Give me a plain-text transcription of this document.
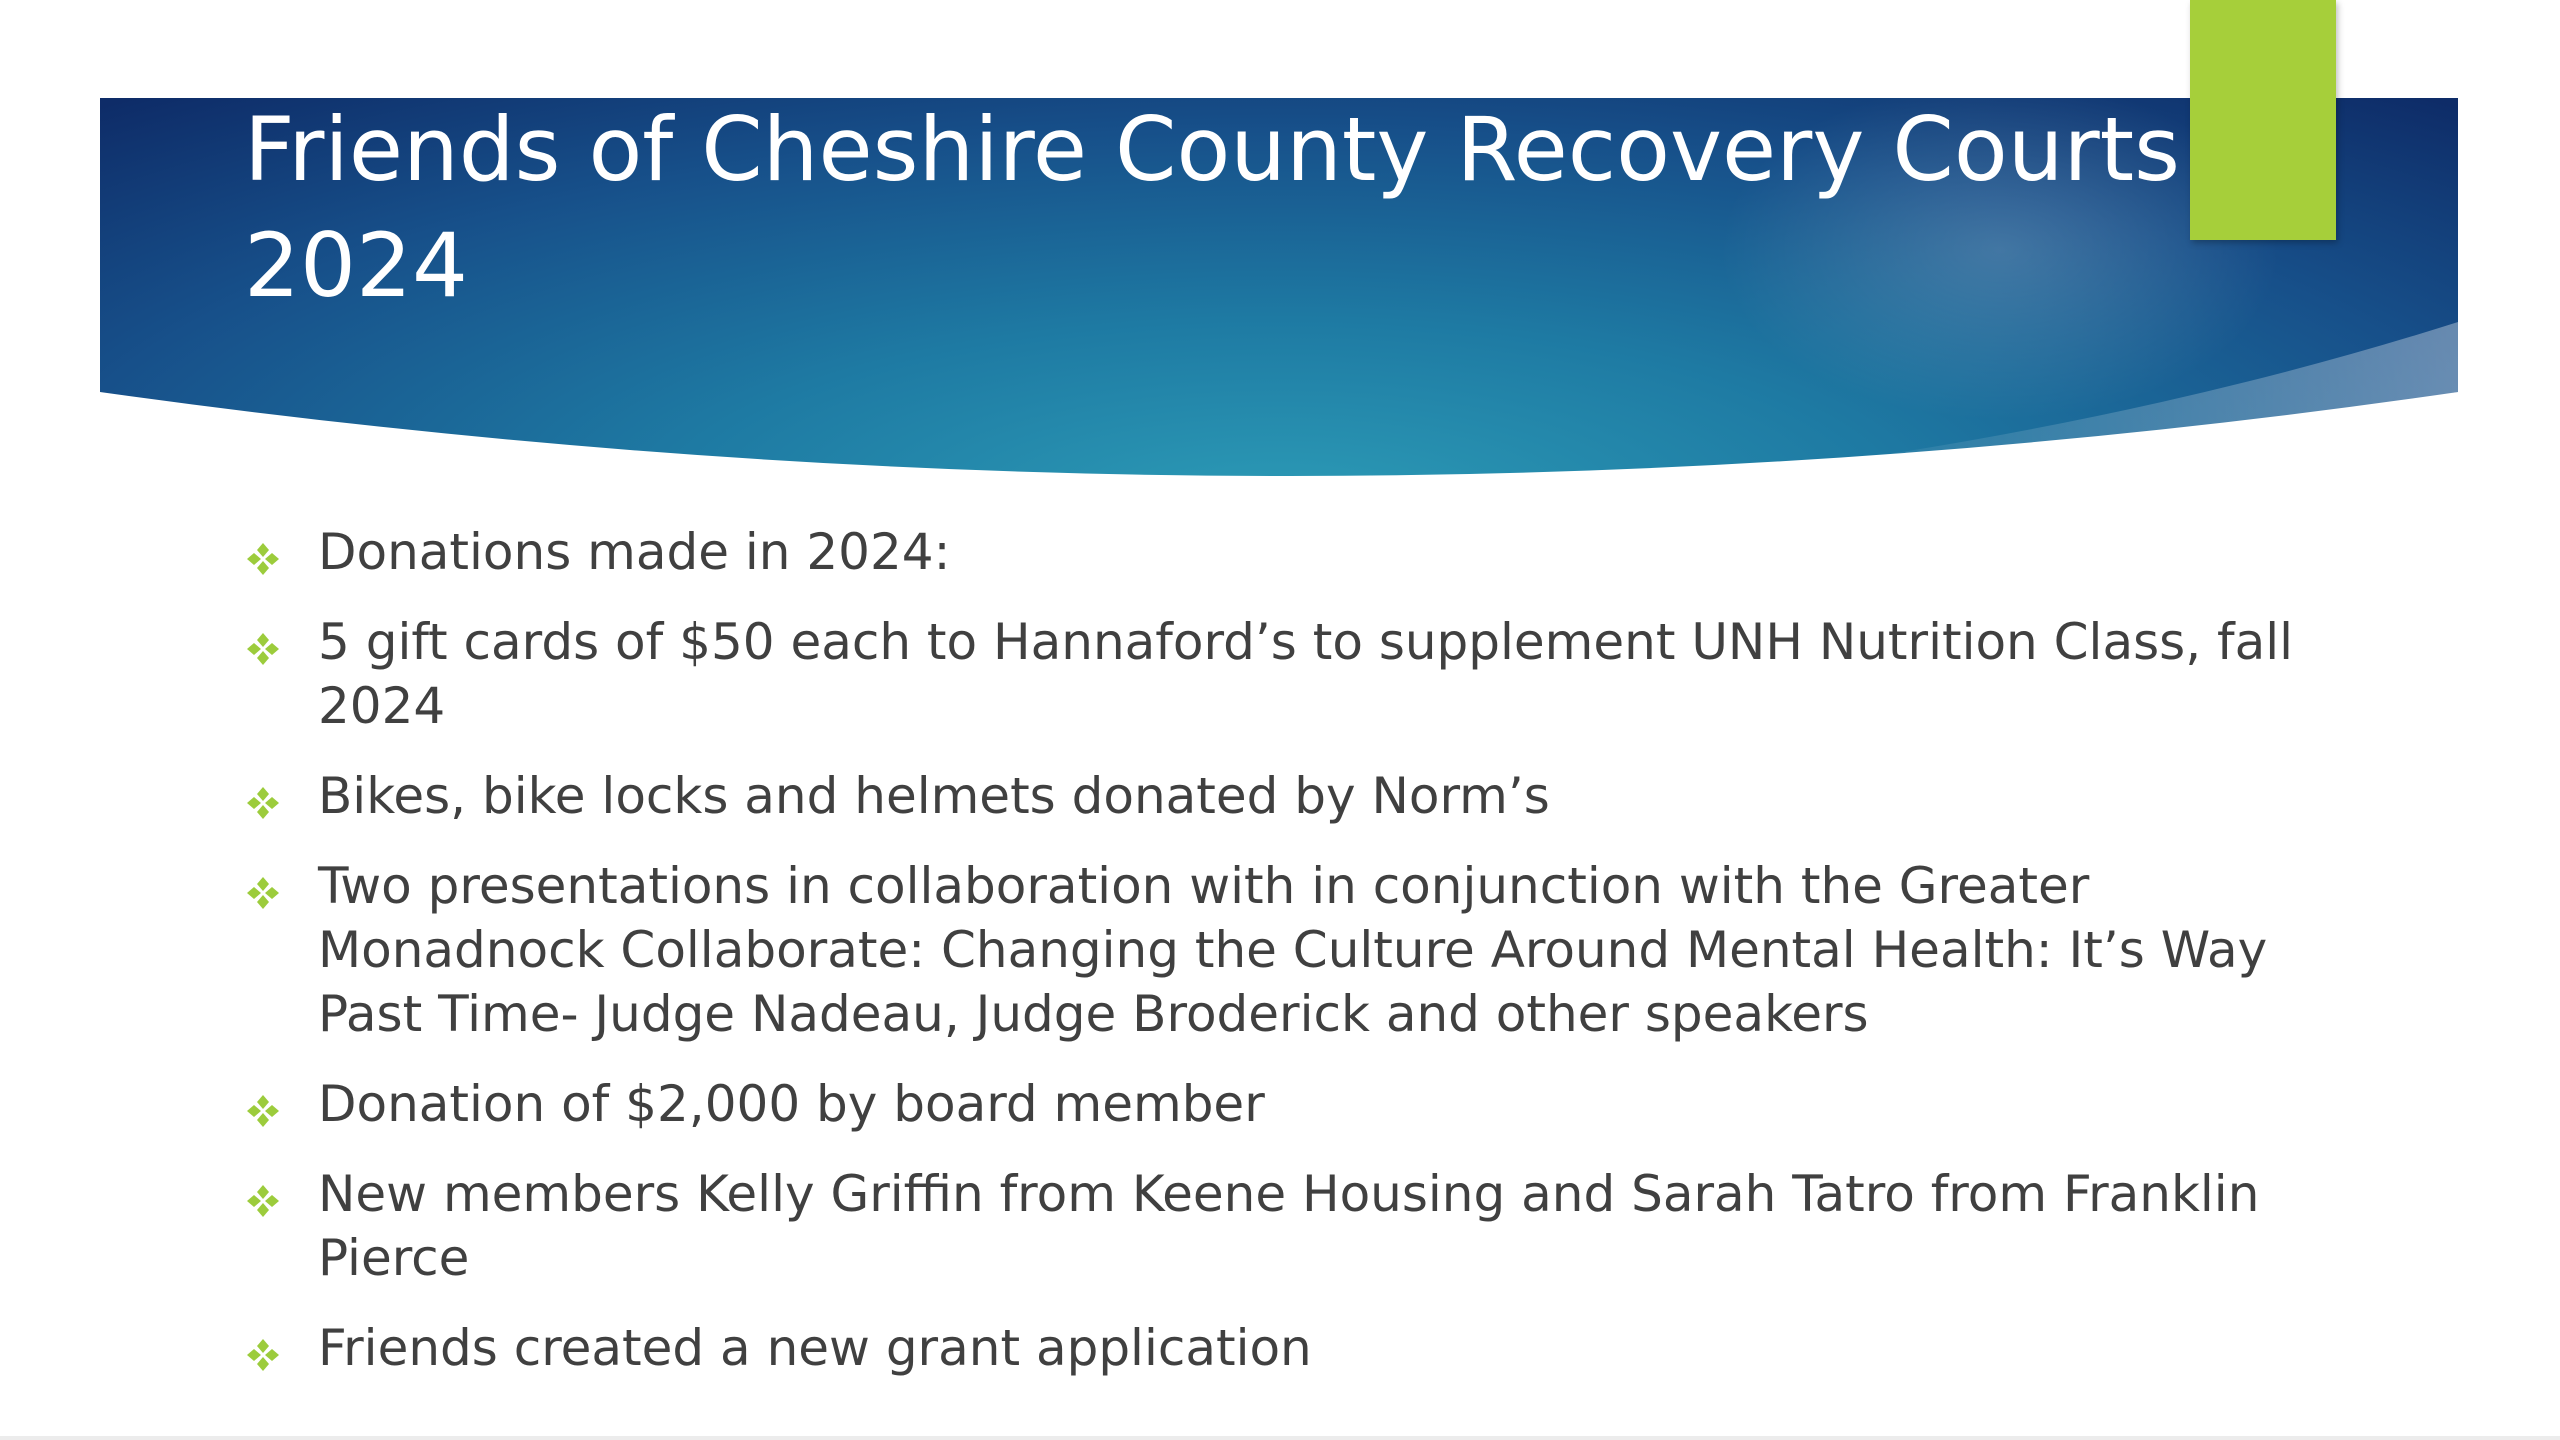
Friends of Cheshire County Recovery Courts
2024
Donations made in 2024:
5 gift cards of $50 each to Hannaford’s to supplement UNH Nutrition Class, fall 2024
Bikes, bike locks and helmets donated by Norm’s
Two presentations in collaboration with in conjunction with the Greater Monadnock Collaborate: Changing the Culture Around Mental Health: It’s Way Past Time- Judge Nadeau, Judge Broderick and other speakers
Donation of $2,000 by board member
New members Kelly Griffin from Keene Housing and Sarah Tatro from Franklin Pierce
Friends created a new grant application
